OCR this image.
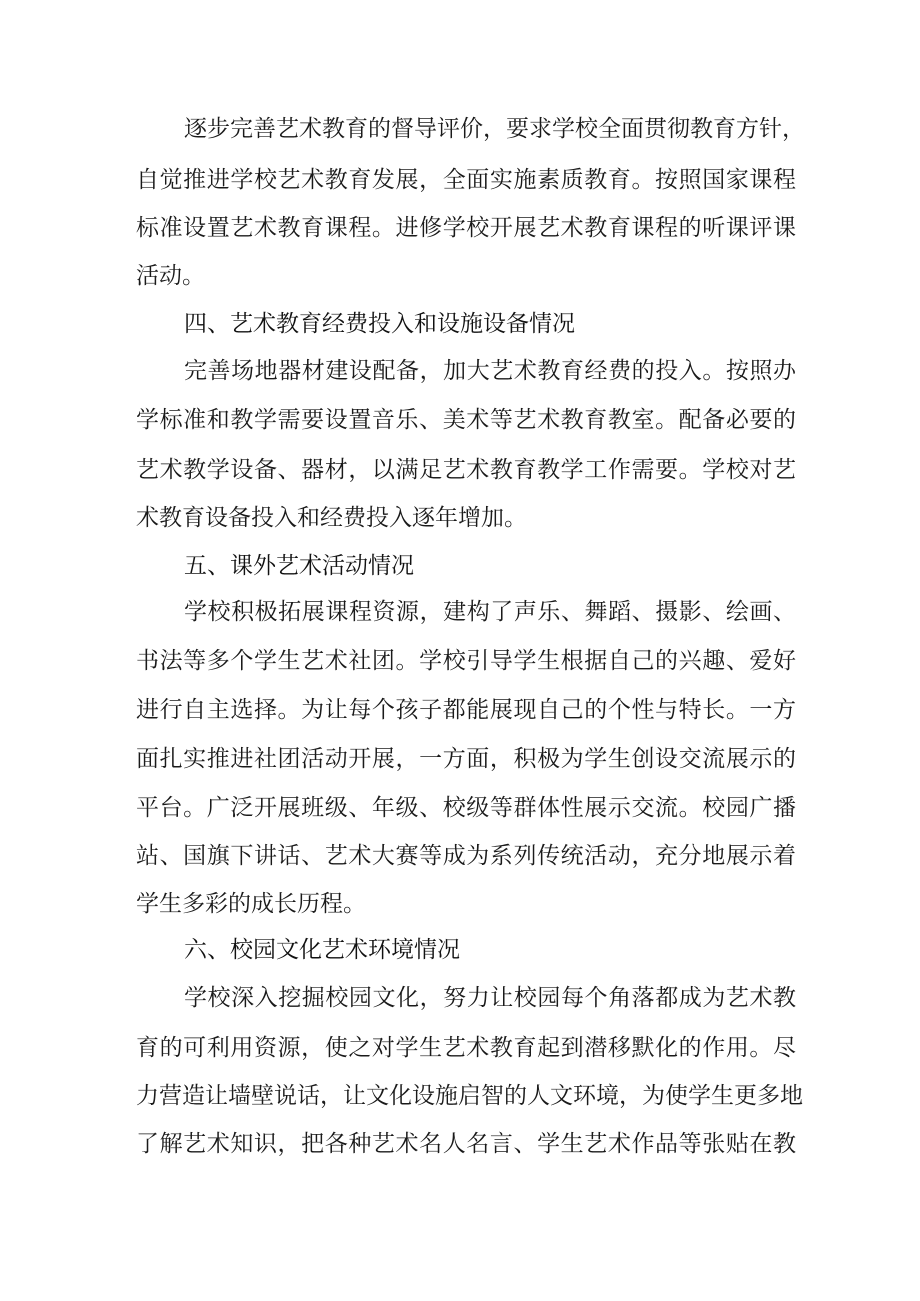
逐步完善艺术教育的督导评价，要求学校全面贯彻教育方针，
自觉推进学校艺术教育发展，全面实施素质教育。按照国家课程
标准设置艺术教育课程。进修学校开展艺术教育课程的听课评课
活动。
四、艺术教育经费投入和设施设备情况
完善场地器材建设配备，加大艺术教育经费的投入。按照办
学标准和教学需要设置音乐、美术等艺术教育教室。配备必要的
艺术教学设备、器材，以满足艺术教育教学工作需要。学校对艺
术教育设备投入和经费投入逐年增加。
五、课外艺术活动情况
学校积极拓展课程资源，建构了声乐、舞蹈、摄影、绘画、
书法等多个学生艺术社团。学校引导学生根据自己的兴趣、爱好
进行自主选择。为让每个孩子都能展现自己的个性与特长。一方
面扎实推进社团活动开展，一方面，积极为学生创设交流展示的
平台。广泛开展班级、年级、校级等群体性展示交流。校园广播
站、国旗下讲话、艺术大赛等成为系列传统活动，充分地展示着
学生多彩的成长历程。
六、校园文化艺术环境情况
学校深入挖掘校园文化，努力让校园每个角落都成为艺术教
育的可利用资源，使之对学生艺术教育起到潜移默化的作用。尽
力营造让墙壁说话，让文化设施启智的人文环境，为使学生更多地
了解艺术知识，把各种艺术名人名言、学生艺术作品等张贴在教
